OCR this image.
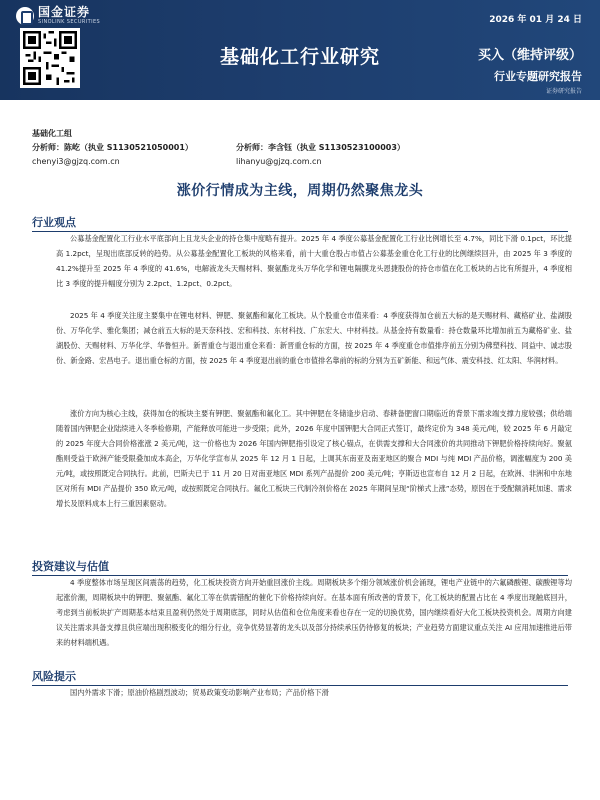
国金证券
SINOLINK SECURITIES	2026 年 01 月 24 日
基础化工行业研究	买入（维持评级）
行业专题研究报告
证券研究报告
基础化工组
分析师：陈屹（执业 S1130521050001）	分析师：李含钰（执业 S1130523100003）
chenyi3@gjzq.com.cn	lihanyu@gjzq.com.cn
涨价行情成为主线，周期仍然聚焦龙头
行业观点
公募基金配置化工行业水平底部向上且龙头企业的持仓集中度略有提升。2025 年 4 季度公募基金配置化工行业比例增长至 4.7%，同比下滑 0.1pct，环比提高 1.2pct，呈现出底部反转的趋势。从公募基金配置化工板块的风格来看，前十大重仓股占市值占公募基金重仓化工行业的比例继续回升，由 2025 年 3 季度的 41.2%提升至 2025 年 4 季度的 41.6%，电解液龙头天赐材料、聚氨酯龙头万华化学和锂电隔膜龙头恩捷股份的持仓市值在化工板块的占比有所提升，4 季度相比 3 季度的提升幅度分别为 2.2pct、1.2pct、0.2pct。
2025 年 4 季度关注度主要集中在锂电材料、钾肥、聚氨酯和氟化工板块。从个股重仓市值来看：4 季度获得加仓前五大标的是天赐材料、藏格矿业、盐湖股份、万华化学、雅化集团；减仓前五大标的是天奈科技、宏和科技、东材科技、广东宏大、中材科技。从基金持有数量看：持仓数量环比增加前五为藏格矿业、盐湖股份、天赐材料、万华化学、华鲁恒升。新晋重仓与退出重仓来看：新晋重仓标的方面，按 2025 年 4 季度重仓市值排序前五分别为佛塑科技、同益中、诚志股份、新金路、宏昌电子。退出重仓标的方面，按 2025 年 4 季度退出前的重仓市值排名靠前的标的分别为五矿新能、和远气体、震安科技、红太阳、华润材料。
涨价方向为核心主线，获得加仓的板块主要有钾肥、聚氨酯和氟化工。其中钾肥在冬储逢步启动、春耕备肥窗口期临近的背景下需求端支撑力度较强；供给端随着国内钾肥企业陆续进入冬季检修期，产能释放可能进一步受限；此外，2026 年度中国钾肥大合同正式签订，最终定价为 348 美元/吨，较 2025 年 6 月敲定的 2025 年度大合同价格涨涨 2 美元/吨，这一价格也为 2026 年国内钾肥指引设定了核心锚点，在供需支撑和大合同涨价的共同推动下钾肥价格持续向好。聚氨酯则受益于欧洲产能受限叠加成本高企，万华化学宣布从 2025 年 12 月 1 日起，上调其东南亚及南亚地区的聚合 MDI 与纯 MDI 产品价格，调涨幅度为 200 美元/吨，或按照既定合同执行。此前，巴斯夫已于 11 月 20 日对南亚地区 MDI 系列产品提价 200 美元/吨；亨斯迈也宣布自 12 月 2 日起，在欧洲、非洲和中东地区对所有 MDI 产品提价 350 欧元/吨，或按照既定合同执行。氟化工板块三代制冷剂价格在 2025 年期间呈现“阶梯式上涨”态势，原因在于受配额消耗加速、需求增长及原料成本上行三重因素驱动。
投资建议与估值
4 季度整体市场呈现区间震荡的趋势，化工板块投资方向开始重回涨价主线。周期板块多个细分领域涨价机会涌现，锂电产业链中的六氟磷酸锂、碳酸锂等均起涨价潮，周期板块中的钾肥、聚氨酯、氟化工等在供需错配的催化下价格持续向好。在基本面有所改善的背景下，化工板块的配置占比在 4 季度出现触底回升，考虑到当前板块扩产周期基本结束且盈利仍然处于周期底部，同时从估值和仓位角度来看也存在一定的切换优势，国内继续看好大化工板块投资机会。周期方向建议关注需求具备支撑且供应端出现积极变化的细分行业，竞争优势显著的龙头以及部分持续承压仍待修复的板块；产业趋势方面建议重点关注 AI 应用加速推进后带来的材料端机遇。
风险提示
国内外需求下滑；原油价格剧烈波动；贸易政策变动影响产业布局；产品价格下滑
